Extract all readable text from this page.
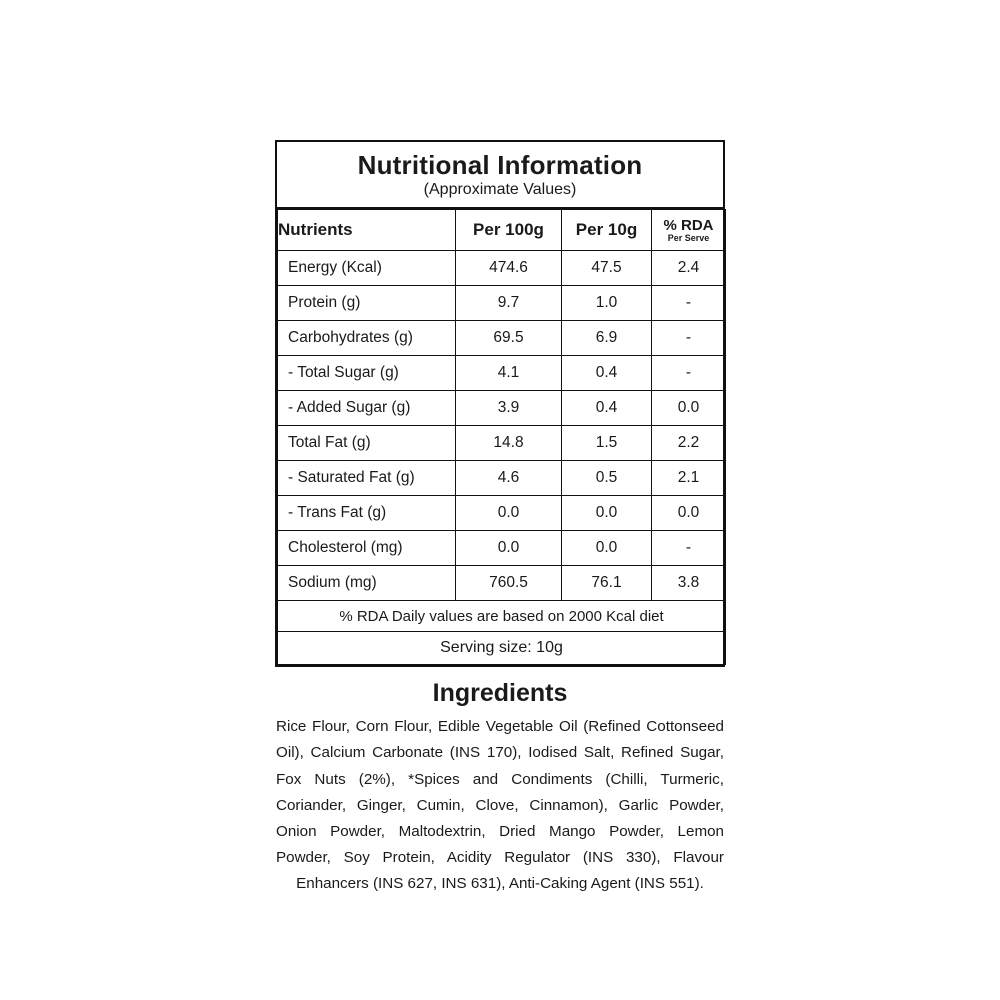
Nutritional Information
(Approximate Values)
Nutrients	Per 100g	Per 10g	% RDA
Per Serve

Energy (Kcal)	474.6	47.5	2.4
Protein (g)	9.7	1.0	-
Carbohydrates (g)	69.5	6.9	-
- Total Sugar (g)	4.1	0.4	-
- Added Sugar (g)	3.9	0.4	0.0
Total Fat (g)	14.8	1.5	2.2
- Saturated Fat (g)	4.6	0.5	2.1
- Trans Fat (g)	0.0	0.0	0.0
Cholesterol (mg)	0.0	0.0	-
Sodium (mg)	760.5	76.1	3.8
% RDA Daily values are based on 2000 Kcal diet			
Serving size: 10g			
Ingredients
Rice Flour, Corn Flour, Edible Vegetable Oil (Refined Cottonseed Oil), Calcium Carbonate (INS 170), Iodised Salt, Refined Sugar, Fox Nuts (2%), *Spices and Condiments (Chilli, Turmeric, Coriander, Ginger, Cumin, Clove, Cinnamon), Garlic Powder, Onion Powder, Maltodextrin, Dried Mango Powder, Lemon Powder, Soy Protein, Acidity Regulator (INS 330), Flavour Enhancers (INS 627, INS 631), Anti-Caking Agent (INS 551).
